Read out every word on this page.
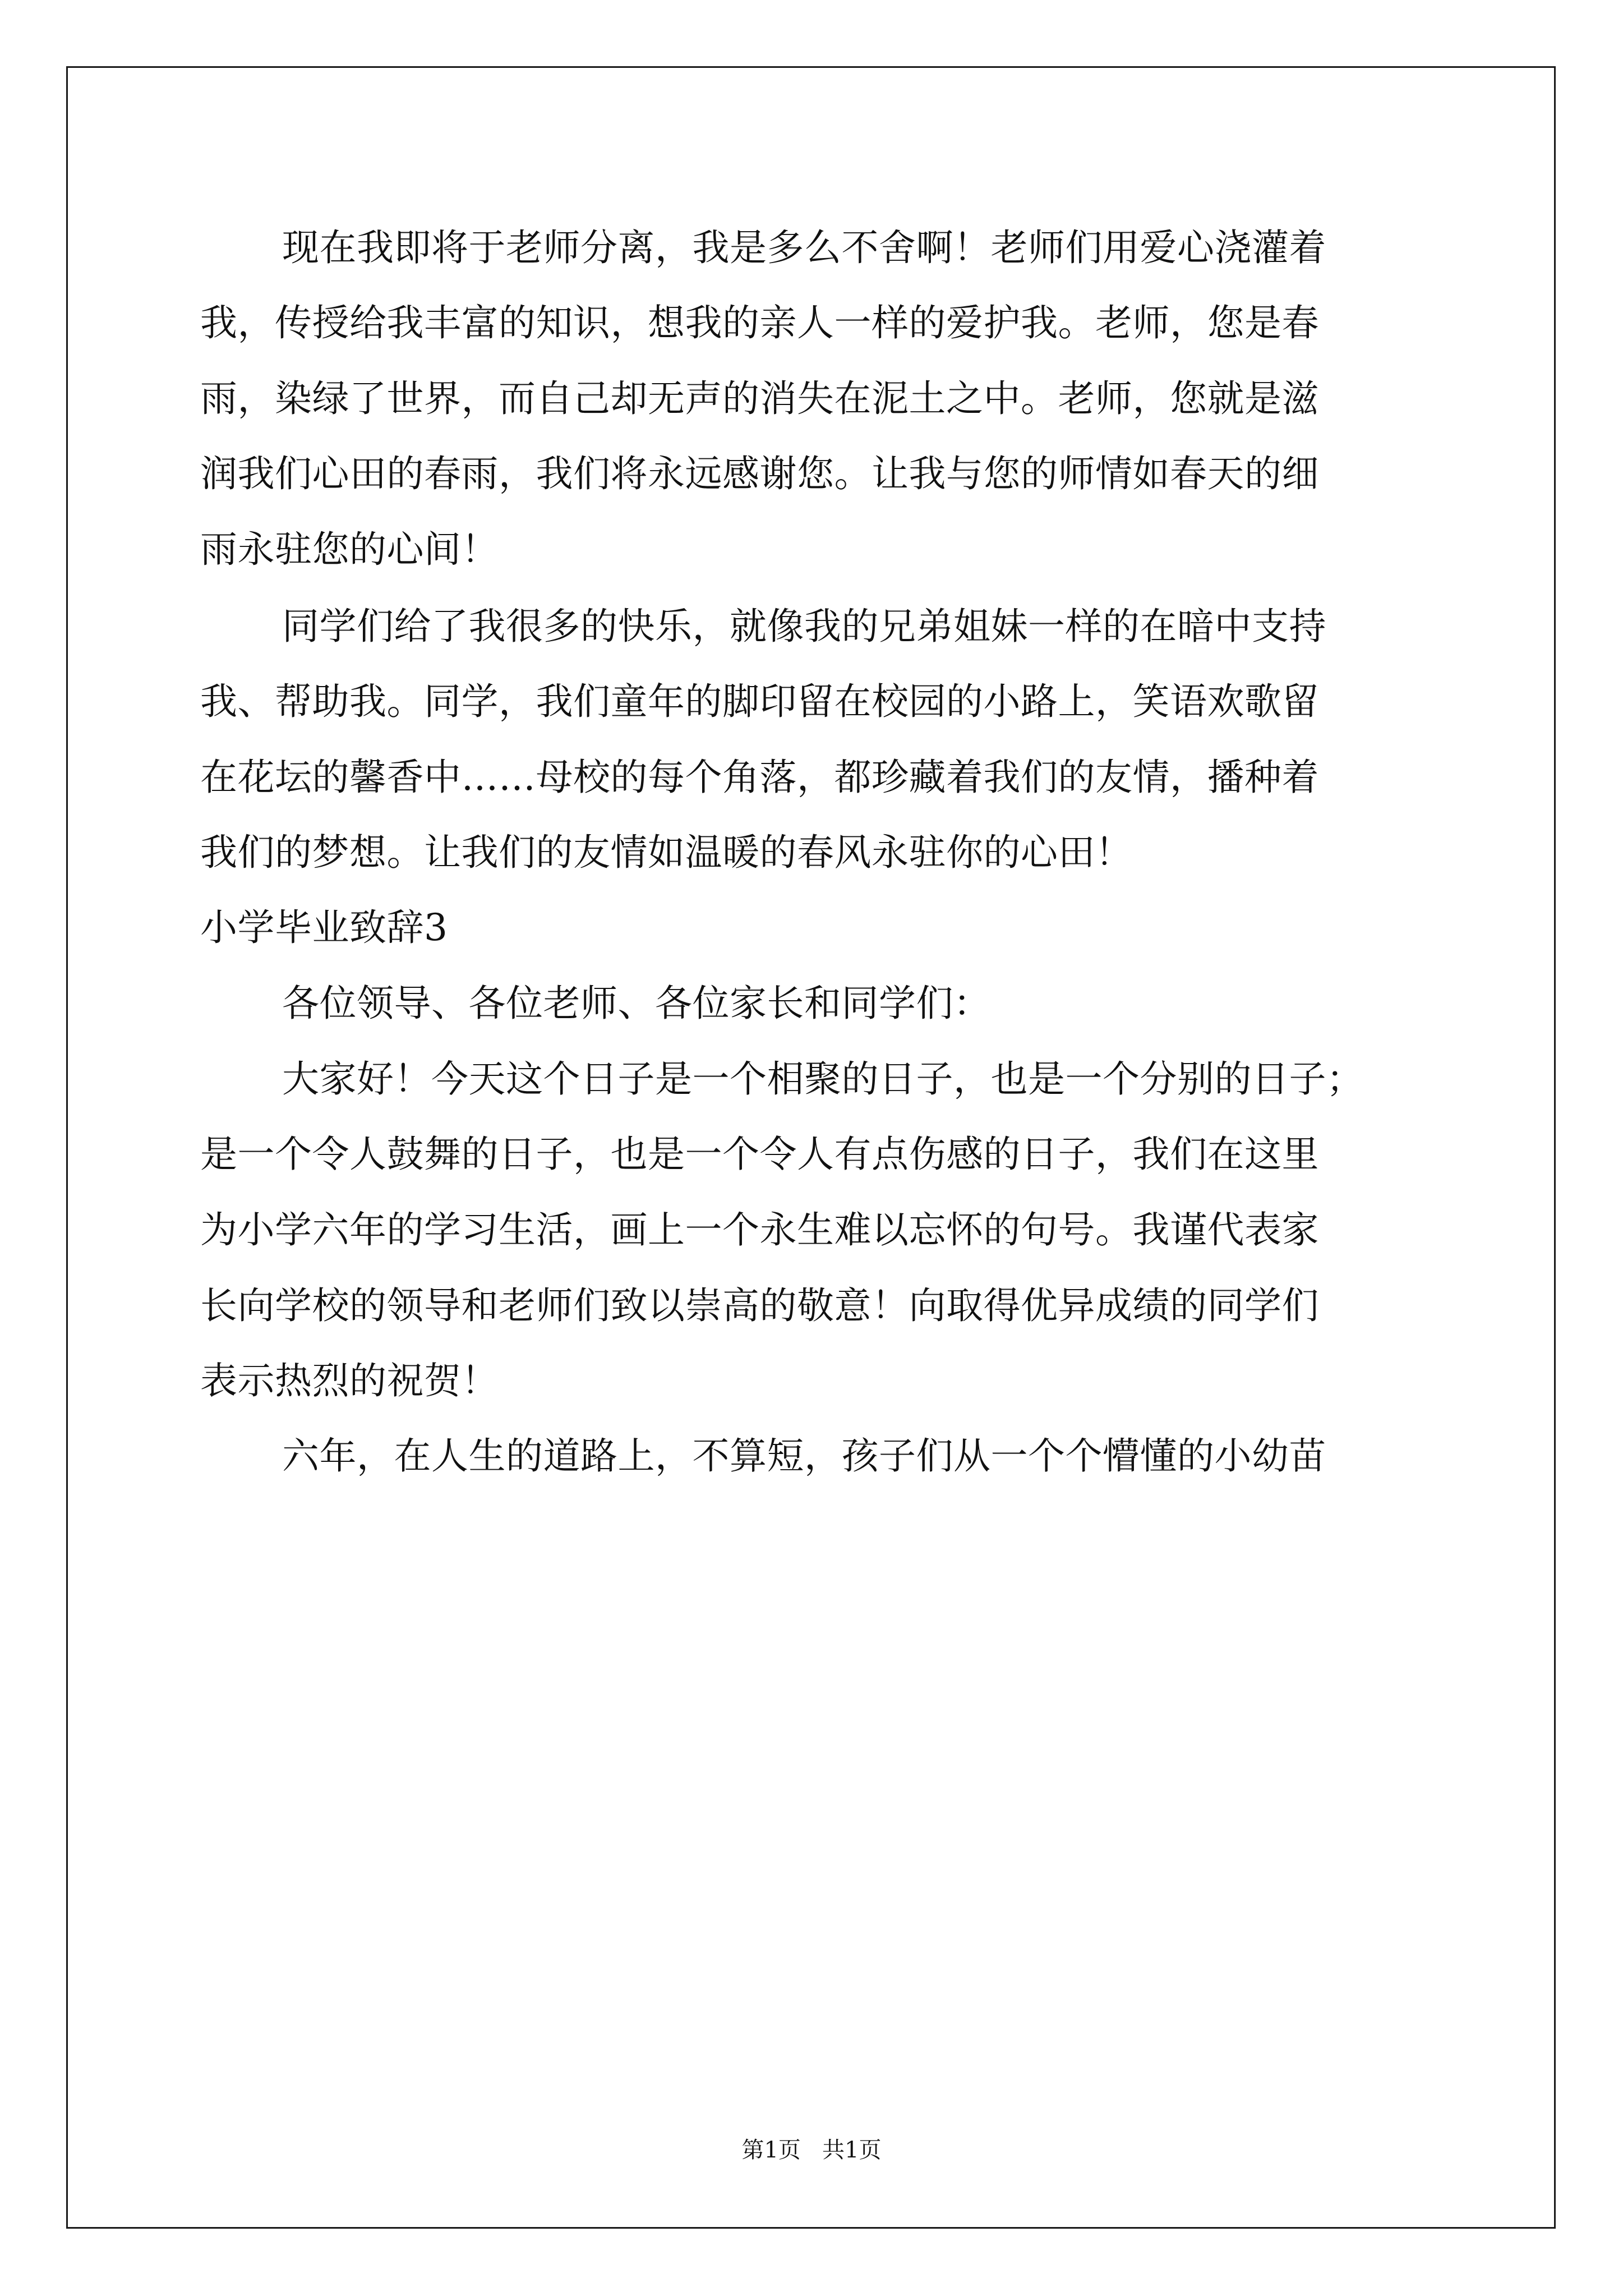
现在我即将于老师分离，我是多么不舍啊！老师们用爱心浇灌着
我，传授给我丰富的知识，想我的亲人一样的爱护我。老师，您是春
雨，染绿了世界，而自己却无声的消失在泥土之中。老师，您就是滋
润我们心田的春雨，我们将永远感谢您。让我与您的师情如春天的细
雨永驻您的心间！
同学们给了我很多的快乐，就像我的兄弟姐妹一样的在暗中支持
我、帮助我。同学，我们童年的脚印留在校园的小路上，笑语欢歌留
在花坛的馨香中……母校的每个角落，都珍藏着我们的友情，播种着
我们的梦想。让我们的友情如温暖的春风永驻你的心田！
小学毕业致辞3
各位领导、各位老师、各位家长和同学们：
大家好！今天这个日子是一个相聚的日子，也是一个分别的日子；
是一个令人鼓舞的日子，也是一个令人有点伤感的日子，我们在这里
为小学六年的学习生活，画上一个永生难以忘怀的句号。我谨代表家
长向学校的领导和老师们致以崇高的敬意！向取得优异成绩的同学们
表示热烈的祝贺！
六年，在人生的道路上，不算短，孩子们从一个个懵懂的小幼苗
第1页   共1页
